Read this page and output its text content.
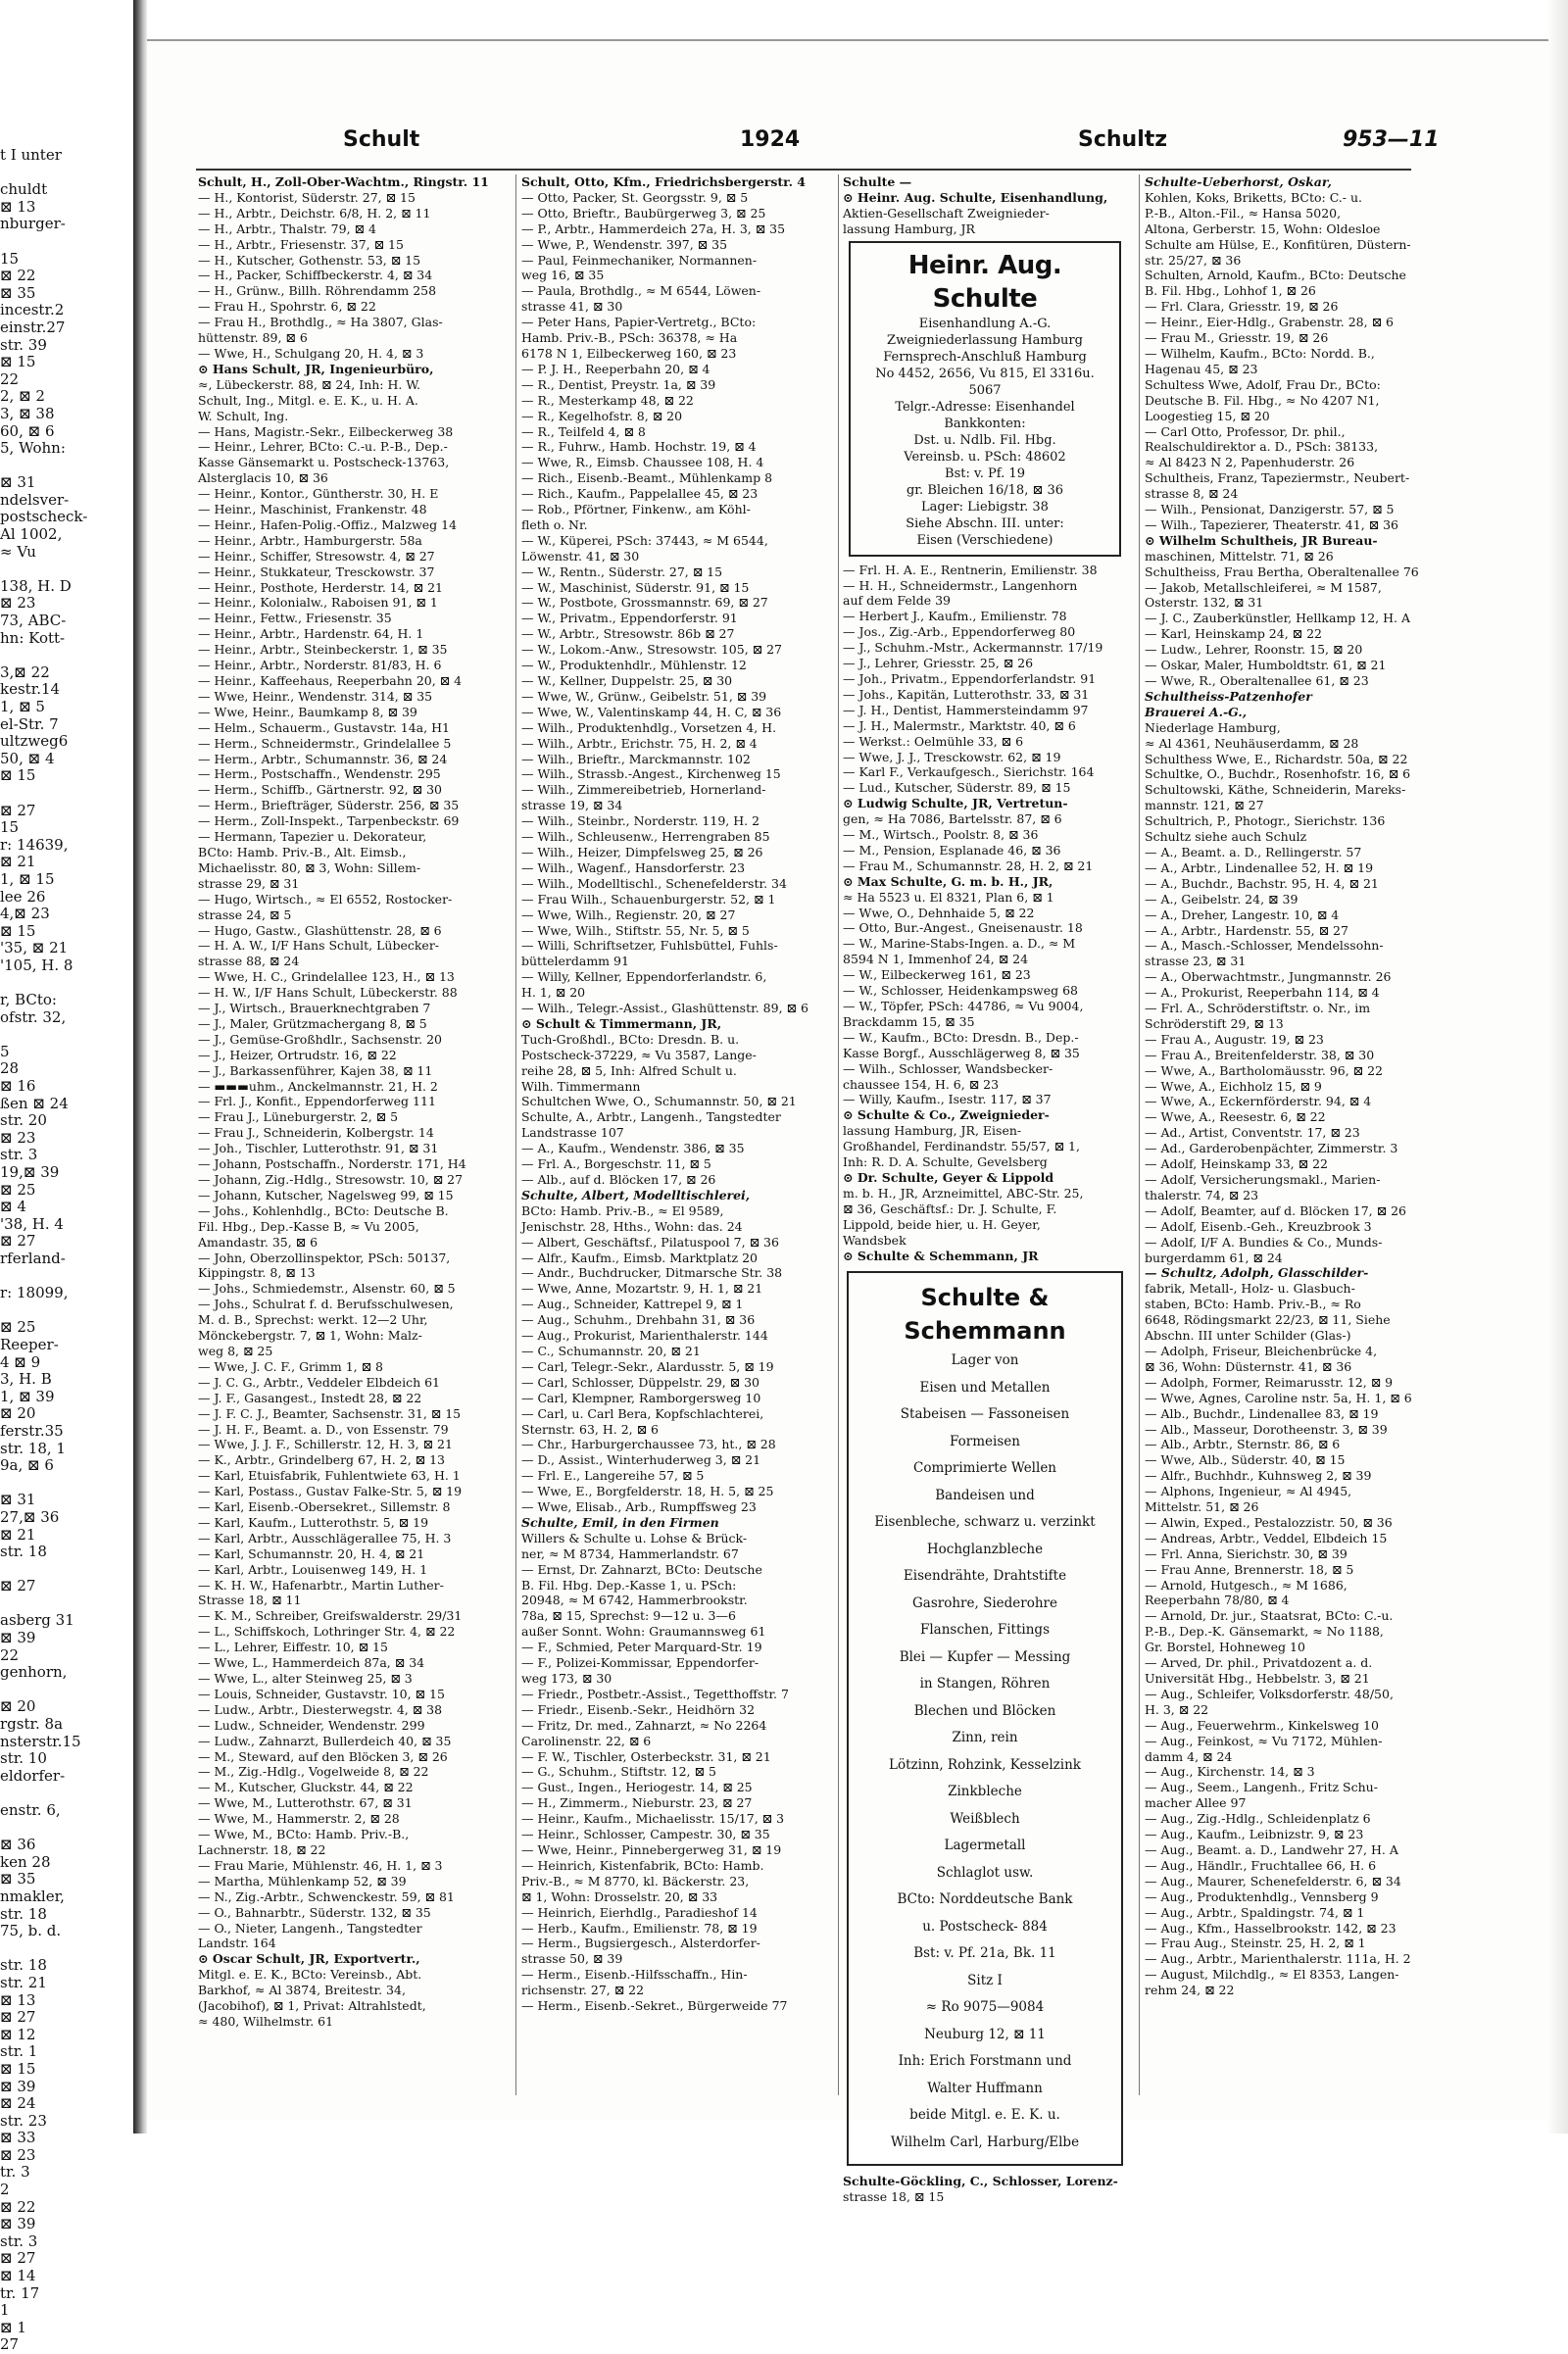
t I unter
chuldt
⊠ 13
nburger-
15
⊠ 22
⊠ 35
incestr.2
einstr.27
str. 39
⊠ 15
22
2, ⊠ 2
3, ⊠ 38
60, ⊠ 6
5, Wohn:
⊠ 31
ndelsver-
postscheck-
Al 1002,
≈ Vu
138, H. D
⊠ 23
73, ABC-
hn: Kott-
3,⊠ 22
kestr.14
1, ⊠ 5
el-Str. 7
ultzweg6
50, ⊠ 4
⊠ 15
⊠ 27
15
r: 14639,
⊠ 21
1, ⊠ 15
lee 26
4,⊠ 23
⊠ 15
'35, ⊠ 21
'105, H. 8
r, BCto:
ofstr. 32,
5
28
⊠ 16
ßen ⊠ 24
str. 20
⊠ 23
str. 3
19,⊠ 39
⊠ 25
⊠ 4
'38, H. 4
⊠ 27
rferland-
r: 18099,
⊠ 25
Reeper-
4 ⊠ 9
3, H. B
1, ⊠ 39
⊠ 20
ferstr.35
str. 18, 1
9a, ⊠ 6
⊠ 31
27,⊠ 36
⊠ 21
str. 18
⊠ 27
asberg 31
⊠ 39
22
genhorn,
⊠ 20
rgstr. 8a
nsterstr.15
str. 10
eldorfer-
enstr. 6,
⊠ 36
ken 28
⊠ 35
nmakler,
str. 18
75, b. d.
str. 18
str. 21
⊠ 13
⊠ 27
⊠ 12
str. 1
⊠ 15
⊠ 39
⊠ 24
str. 23
⊠ 33
⊠ 23
tr. 3
2
⊠ 22
⊠ 39
str. 3
⊠ 27
⊠ 14
tr. 17
1
⊠ 1
27
Schult	1924	Schultz	953—11
Schult, H., Zoll-Ober-Wachtm., Ringstr. 11
— H., Kontorist, Süderstr. 27, ⊠ 15
— H., Arbtr., Deichstr. 6/8, H. 2, ⊠ 11
— H., Arbtr., Thalstr. 79, ⊠ 4
— H., Arbtr., Friesenstr. 37, ⊠ 15
— H., Kutscher, Gothenstr. 53, ⊠ 15
— H., Packer, Schiffbeckerstr. 4, ⊠ 34
— H., Grünw., Billh. Röhrendamm 258
— Frau H., Spohrstr. 6, ⊠ 22
— Frau H., Brothdlg., ≈ Ha 3807, Glas-
hüttenstr. 89, ⊠ 6
— Wwe, H., Schulgang 20, H. 4, ⊠ 3
⊙ Hans Schult, JR, Ingenieurbüro,
≈, Lübeckerstr. 88, ⊠ 24, Inh: H. W.
Schult, Ing., Mitgl. e. E. K., u. H. A.
W. Schult, Ing.
— Hans, Magistr.-Sekr., Eilbeckerweg 38
— Heinr., Lehrer, BCto: C.-u. P.-B., Dep.-
Kasse Gänsemarkt u. Postscheck-13763,
Alsterglacis 10, ⊠ 36
— Heinr., Kontor., Güntherstr. 30, H. E
— Heinr., Maschinist, Frankenstr. 48
— Heinr., Hafen-Polig.-Offiz., Malzweg 14
— Heinr., Arbtr., Hamburgerstr. 58a
— Heinr., Schiffer, Stresowstr. 4, ⊠ 27
— Heinr., Stukkateur, Tresckowstr. 37
— Heinr., Posthote, Herderstr. 14, ⊠ 21
— Heinr., Kolonialw., Raboisen 91, ⊠ 1
— Heinr., Fettw., Friesenstr. 35
— Heinr., Arbtr., Hardenstr. 64, H. 1
— Heinr., Arbtr., Steinbeckerstr. 1, ⊠ 35
— Heinr., Arbtr., Norderstr. 81/83, H. 6
— Heinr., Kaffeehaus, Reeperbahn 20, ⊠ 4
— Wwe, Heinr., Wendenstr. 314, ⊠ 35
— Wwe, Heinr., Baumkamp 8, ⊠ 39
— Helm., Schauerm., Gustavstr. 14a, H1
— Herm., Schneidermstr., Grindelallee 5
— Herm., Arbtr., Schumannstr. 36, ⊠ 24
— Herm., Postschaffn., Wendenstr. 295
— Herm., Schiffb., Gärtnerstr. 92, ⊠ 30
— Herm., Briefträger, Süderstr. 256, ⊠ 35
— Herm., Zoll-Inspekt., Tarpenbeckstr. 69
— Hermann, Tapezier u. Dekorateur,
BCto: Hamb. Priv.-B., Alt. Eimsb.,
Michaelisstr. 80, ⊠ 3, Wohn: Sillem-
strasse 29, ⊠ 31
— Hugo, Wirtsch., ≈ El 6552, Rostocker-
strasse 24, ⊠ 5
— Hugo, Gastw., Glashüttenstr. 28, ⊠ 6
— H. A. W., I/F Hans Schult, Lübecker-
strasse 88, ⊠ 24
— Wwe, H. C., Grindelallee 123, H., ⊠ 13
— H. W., I/F Hans Schult, Lübeckerstr. 88
— J., Wirtsch., Brauerknechtgraben 7
— J., Maler, Grützmachergang 8, ⊠ 5
— J., Gemüse-Großhdlr., Sachsenstr. 20
— J., Heizer, Ortrudstr. 16, ⊠ 22
— J., Barkassenführer, Kajen 38, ⊠ 11
— ▬▬▬uhm., Anckelmannstr. 21, H. 2
— Frl. J., Konfit., Eppendorferweg 111
— Frau J., Lüneburgerstr. 2, ⊠ 5
— Frau J., Schneiderin, Kolbergstr. 14
— Joh., Tischler, Lutterothstr. 91, ⊠ 31
— Johann, Postschaffn., Norderstr. 171, H4
— Johann, Zig.-Hdlg., Stresowstr. 10, ⊠ 27
— Johann, Kutscher, Nagelsweg 99, ⊠ 15
— Johs., Kohlenhdlg., BCto: Deutsche B.
Fil. Hbg., Dep.-Kasse B, ≈ Vu 2005,
Amandastr. 35, ⊠ 6
— John, Oberzollinspektor, PSch: 50137,
Kippingstr. 8, ⊠ 13
— Johs., Schmiedemstr., Alsenstr. 60, ⊠ 5
— Johs., Schulrat f. d. Berufsschulwesen,
M. d. B., Sprechst: werkt. 12—2 Uhr,
Mönckebergstr. 7, ⊠ 1, Wohn: Malz-
weg 8, ⊠ 25
— Wwe, J. C. F., Grimm 1, ⊠ 8
— J. C. G., Arbtr., Veddeler Elbdeich 61
— J. F., Gasangest., Instedt 28, ⊠ 22
— J. F. C. J., Beamter, Sachsenstr. 31, ⊠ 15
— J. H. F., Beamt. a. D., von Essenstr. 79
— Wwe, J. J. F., Schillerstr. 12, H. 3, ⊠ 21
— K., Arbtr., Grindelberg 67, H. 2, ⊠ 13
— Karl, Etuisfabrik, Fuhlentwiete 63, H. 1
— Karl, Postass., Gustav Falke-Str. 5, ⊠ 19
— Karl, Eisenb.-Obersekret., Sillemstr. 8
— Karl, Kaufm., Lutterothstr. 5, ⊠ 19
— Karl, Arbtr., Ausschlägerallee 75, H. 3
— Karl, Schumannstr. 20, H. 4, ⊠ 21
— Karl, Arbtr., Louisenweg 149, H. 1
— K. H. W., Hafenarbtr., Martin Luther-
Strasse 18, ⊠ 11
— K. M., Schreiber, Greifswalderstr. 29/31
— L., Schiffskoch, Lothringer Str. 4, ⊠ 22
— L., Lehrer, Eiffestr. 10, ⊠ 15
— Wwe, L., Hammerdeich 87a, ⊠ 34
— Wwe, L., alter Steinweg 25, ⊠ 3
— Louis, Schneider, Gustavstr. 10, ⊠ 15
— Ludw., Arbtr., Diesterwegstr. 4, ⊠ 38
— Ludw., Schneider, Wendenstr. 299
— Ludw., Zahnarzt, Bullerdeich 40, ⊠ 35
— M., Steward, auf den Blöcken 3, ⊠ 26
— M., Zig.-Hdlg., Vogelweide 8, ⊠ 22
— M., Kutscher, Gluckstr. 44, ⊠ 22
— Wwe, M., Lutterothstr. 67, ⊠ 31
— Wwe, M., Hammerstr. 2, ⊠ 28
— Wwe, M., BCto: Hamb. Priv.-B.,
Lachnerstr. 18, ⊠ 22
— Frau Marie, Mühlenstr. 46, H. 1, ⊠ 3
— Martha, Mühlenkamp 52, ⊠ 39
— N., Zig.-Arbtr., Schwenckestr. 59, ⊠ 81
— O., Bahnarbtr., Süderstr. 132, ⊠ 35
— O., Nieter, Langenh., Tangstedter
Landstr. 164
⊙ Oscar Schult, JR, Exportvertr.,
Mitgl. e. E. K., BCto: Vereinsb., Abt.
Barkhof, ≈ Al 3874, Breitestr. 34,
(Jacobihof), ⊠ 1, Privat: Altrahlstedt,
≈ 480, Wilhelmstr. 61
Schult, Otto, Kfm., Friedrichsbergerstr. 4
— Otto, Packer, St. Georgsstr. 9, ⊠ 5
— Otto, Brieftr., Baubürgerweg 3, ⊠ 25
— P., Arbtr., Hammerdeich 27a, H. 3, ⊠ 35
— Wwe, P., Wendenstr. 397, ⊠ 35
— Paul, Feinmechaniker, Normannen-
weg 16, ⊠ 35
— Paula, Brothdlg., ≈ M 6544, Löwen-
strasse 41, ⊠ 30
— Peter Hans, Papier-Vertretg., BCto:
Hamb. Priv.-B., PSch: 36378, ≈ Ha
6178 N 1, Eilbeckerweg 160, ⊠ 23
— P. J. H., Reeperbahn 20, ⊠ 4
— R., Dentist, Preystr. 1a, ⊠ 39
— R., Mesterkamp 48, ⊠ 22
— R., Kegelhofstr. 8, ⊠ 20
— R., Teilfeld 4, ⊠ 8
— R., Fuhrw., Hamb. Hochstr. 19, ⊠ 4
— Wwe, R., Eimsb. Chaussee 108, H. 4
— Rich., Eisenb.-Beamt., Mühlenkamp 8
— Rich., Kaufm., Pappelallee 45, ⊠ 23
— Rob., Pförtner, Finkenw., am Köhl-
fleth o. Nr.
— W., Küperei, PSch: 37443, ≈ M 6544,
Löwenstr. 41, ⊠ 30
— W., Rentn., Süderstr. 27, ⊠ 15
— W., Maschinist, Süderstr. 91, ⊠ 15
— W., Postbote, Grossmannstr. 69, ⊠ 27
— W., Privatm., Eppendorferstr. 91
— W., Arbtr., Stresowstr. 86b ⊠ 27
— W., Lokom.-Anw., Stresowstr. 105, ⊠ 27
— W., Produktenhdlr., Mühlenstr. 12
— W., Kellner, Duppelstr. 25, ⊠ 30
— Wwe, W., Grünw., Geibelstr. 51, ⊠ 39
— Wwe, W., Valentinskamp 44, H. C, ⊠ 36
— Wilh., Produktenhdlg., Vorsetzen 4, H.
— Wilh., Arbtr., Erichstr. 75, H. 2, ⊠ 4
— Wilh., Brieftr., Marckmannstr. 102
— Wilh., Strassb.-Angest., Kirchenweg 15
— Wilh., Zimmereibetrieb, Hornerland-
strasse 19, ⊠ 34
— Wilh., Steinbr., Norderstr. 119, H. 2
— Wilh., Schleusenw., Herrengraben 85
— Wilh., Heizer, Dimpfelsweg 25, ⊠ 26
— Wilh., Wagenf., Hansdorferstr. 23
— Wilh., Modelltischl., Schenefelderstr. 34
— Frau Wilh., Schauenburgerstr. 52, ⊠ 1
— Wwe, Wilh., Regienstr. 20, ⊠ 27
— Wwe, Wilh., Stiftstr. 55, Nr. 5, ⊠ 5
— Willi, Schriftsetzer, Fuhlsbüttel, Fuhls-
büttelerdamm 91
— Willy, Kellner, Eppendorferlandstr. 6,
H. 1, ⊠ 20
— Wilh., Telegr.-Assist., Glashüttenstr. 89, ⊠ 6
⊙ Schult & Timmermann, JR,
Tuch-Großhdl., BCto: Dresdn. B. u.
Postscheck-37229, ≈ Vu 3587, Lange-
reihe 28, ⊠ 5, Inh: Alfred Schult u.
Wilh. Timmermann
Schultchen Wwe, O., Schumannstr. 50, ⊠ 21
Schulte, A., Arbtr., Langenh., Tangstedter
Landstrasse 107
— A., Kaufm., Wendenstr. 386, ⊠ 35
— Frl. A., Borgeschstr. 11, ⊠ 5
— Alb., auf d. Blöcken 17, ⊠ 26
Schulte, Albert, Modelltischlerei,
BCto: Hamb. Priv.-B., ≈ El 9589,
Jenischstr. 28, Hths., Wohn: das. 24
— Albert, Geschäftsf., Pilatuspool 7, ⊠ 36
— Alfr., Kaufm., Eimsb. Marktplatz 20
— Andr., Buchdrucker, Ditmarsche Str. 38
— Wwe, Anne, Mozartstr. 9, H. 1, ⊠ 21
— Aug., Schneider, Kattrepel 9, ⊠ 1
— Aug., Schuhm., Drehbahn 31, ⊠ 36
— Aug., Prokurist, Marienthalerstr. 144
— C., Schumannstr. 20, ⊠ 21
— Carl, Telegr.-Sekr., Alardusstr. 5, ⊠ 19
— Carl, Schlosser, Düppelstr. 29, ⊠ 30
— Carl, Klempner, Ramborgersweg 10
— Carl, u. Carl Bera, Kopfschlachterei,
Sternstr. 63, H. 2, ⊠ 6
— Chr., Harburgerchaussee 73, ht., ⊠ 28
— D., Assist., Winterhuderweg 3, ⊠ 21
— Frl. E., Langereihe 57, ⊠ 5
— Wwe, E., Borgfelderstr. 18, H. 5, ⊠ 25
— Wwe, Elisab., Arb., Rumpffsweg 23
Schulte, Emil, in den Firmen
Willers & Schulte u. Lohse & Brück-
ner, ≈ M 8734, Hammerlandstr. 67
— Ernst, Dr. Zahnarzt, BCto: Deutsche
B. Fil. Hbg. Dep.-Kasse 1, u. PSch:
20948, ≈ M 6742, Hammerbrookstr.
78a, ⊠ 15, Sprechst: 9—12 u. 3—6
außer Sonnt. Wohn: Graumannsweg 61
— F., Schmied, Peter Marquard-Str. 19
— F., Polizei-Kommissar, Eppendorfer-
weg 173, ⊠ 30
— Friedr., Postbetr.-Assist., Tegetthoffstr. 7
— Friedr., Eisenb.-Sekr., Heidhörn 32
— Fritz, Dr. med., Zahnarzt, ≈ No 2264
Carolinenstr. 22, ⊠ 6
— F. W., Tischler, Osterbeckstr. 31, ⊠ 21
— G., Schuhm., Stiftstr. 12, ⊠ 5
— Gust., Ingen., Heriogestr. 14, ⊠ 25
— H., Zimmerm., Nieburstr. 23, ⊠ 27
— Heinr., Kaufm., Michaelisstr. 15/17, ⊠ 3
— Heinr., Schlosser, Campestr. 30, ⊠ 35
— Wwe, Heinr., Pinnebergerweg 31, ⊠ 19
— Heinrich, Kistenfabrik, BCto: Hamb.
Priv.-B., ≈ M 8770, kl. Bäckerstr. 23,
⊠ 1, Wohn: Drosselstr. 20, ⊠ 33
— Heinrich, Eierhdlg., Paradieshof 14
— Herb., Kaufm., Emilienstr. 78, ⊠ 19
— Herm., Bugsiergesch., Alsterdorfer-
strasse 50, ⊠ 39
— Herm., Eisenb.-Hilfsschaffn., Hin-
richsenstr. 27, ⊠ 22
— Herm., Eisenb.-Sekret., Bürgerweide 77
Schulte —
⊙ Heinr. Aug. Schulte, Eisenhandlung,
Aktien-Gesellschaft Zweignieder-
lassung Hamburg, JR
Heinr. Aug. Schulte
Eisenhandlung A.-G.
Zweigniederlassung Hamburg
Fernsprech-Anschluß Hamburg
No 4452, 2656, Vu 815, El 3316u. 5067
Telgr.-Adresse: Eisenhandel
Bankkonten:
Dst. u. Ndlb. Fil. Hbg.
Vereinsb. u. PSch: 48602
Bst: v. Pf. 19
gr. Bleichen 16/18, ⊠ 36
Lager: Liebigstr. 38
Siehe Abschn. III. unter:
Eisen (Verschiedene)
— Frl. H. A. E., Rentnerin, Emilienstr. 38
— H. H., Schneidermstr., Langenhorn
auf dem Felde 39
— Herbert J., Kaufm., Emilienstr. 78
— Jos., Zig.-Arb., Eppendorferweg 80
— J., Schuhm.-Mstr., Ackermannstr. 17/19
— J., Lehrer, Griesstr. 25, ⊠ 26
— Joh., Privatm., Eppendorferlandstr. 91
— Johs., Kapitän, Lutterothstr. 33, ⊠ 31
— J. H., Dentist, Hammersteindamm 97
— J. H., Malermstr., Marktstr. 40, ⊠ 6
— Werkst.: Oelmühle 33, ⊠ 6
— Wwe, J. J., Tresckowstr. 62, ⊠ 19
— Karl F., Verkaufgesch., Sierichstr. 164
— Lud., Kutscher, Süderstr. 89, ⊠ 15
⊙ Ludwig Schulte, JR, Vertretun-
gen, ≈ Ha 7086, Bartelsstr. 87, ⊠ 6
— M., Wirtsch., Poolstr. 8, ⊠ 36
— M., Pension, Esplanade 46, ⊠ 36
— Frau M., Schumannstr. 28, H. 2, ⊠ 21
⊙ Max Schulte, G. m. b. H., JR,
≈ Ha 5523 u. El 8321, Plan 6, ⊠ 1
— Wwe, O., Dehnhaide 5, ⊠ 22
— Otto, Bur.-Angest., Gneisenaustr. 18
— W., Marine-Stabs-Ingen. a. D., ≈ M
8594 N 1, Immenhof 24, ⊠ 24
— W., Eilbeckerweg 161, ⊠ 23
— W., Schlosser, Heidenkampsweg 68
— W., Töpfer, PSch: 44786, ≈ Vu 9004,
Brackdamm 15, ⊠ 35
— W., Kaufm., BCto: Dresdn. B., Dep.-
Kasse Borgf., Ausschlägerweg 8, ⊠ 35
— Wilh., Schlosser, Wandsbecker-
chaussee 154, H. 6, ⊠ 23
— Willy, Kaufm., Isestr. 117, ⊠ 37
⊙ Schulte & Co., Zweignieder-
lassung Hamburg, JR, Eisen-
Großhandel, Ferdinandstr. 55/57, ⊠ 1,
Inh: R. D. A. Schulte, Gevelsberg
⊙ Dr. Schulte, Geyer & Lippold
m. b. H., JR, Arzneimittel, ABC-Str. 25,
⊠ 36, Geschäftsf.: Dr. J. Schulte, F.
Lippold, beide hier, u. H. Geyer,
Wandsbek
⊙ Schulte & Schemmann, JR
Schulte & Schemmann
Lager von
Eisen und Metallen
Stabeisen — Fassoneisen
Formeisen
Comprimierte Wellen
Bandeisen und
Eisenbleche, schwarz u. verzinkt
Hochglanzbleche
Eisendrähte, Drahtstifte
Gasrohre, Siederohre
Flanschen, Fittings
Blei — Kupfer — Messing
in Stangen, Röhren
Blechen und Blöcken
Zinn, rein
Lötzinn, Rohzink, Kesselzink
Zinkbleche
Weißblech
Lagermetall
Schlaglot usw.
BCto: Norddeutsche Bank
u. Postscheck- 884
Bst: v. Pf. 21a, Bk. 11
Sitz I
≈ Ro 9075—9084
Neuburg 12, ⊠ 11
Inh: Erich Forstmann und
Walter Huffmann
beide Mitgl. e. E. K. u.
Wilhelm Carl, Harburg/Elbe
Schulte-Göckling, C., Schlosser, Lorenz-
strasse 18, ⊠ 15
Schulte-Ueberhorst, Oskar,
Kohlen, Koks, Briketts, BCto: C.- u.
P.-B., Alton.-Fil., ≈ Hansa 5020,
Altona, Gerberstr. 15, Wohn: Oldesloe
Schulte am Hülse, E., Konfitüren, Düstern-
str. 25/27, ⊠ 36
Schulten, Arnold, Kaufm., BCto: Deutsche
B. Fil. Hbg., Lohhof 1, ⊠ 26
— Frl. Clara, Griesstr. 19, ⊠ 26
— Heinr., Eier-Hdlg., Grabenstr. 28, ⊠ 6
— Frau M., Griesstr. 19, ⊠ 26
— Wilhelm, Kaufm., BCto: Nordd. B.,
Hagenau 45, ⊠ 23
Schultess Wwe, Adolf, Frau Dr., BCto:
Deutsche B. Fil. Hbg., ≈ No 4207 N1,
Loogestieg 15, ⊠ 20
— Carl Otto, Professor, Dr. phil.,
Realschuldirektor a. D., PSch: 38133,
≈ Al 8423 N 2, Papenhuderstr. 26
Schultheis, Franz, Tapeziermstr., Neubert-
strasse 8, ⊠ 24
— Wilh., Pensionat, Danzigerstr. 57, ⊠ 5
— Wilh., Tapezierer, Theaterstr. 41, ⊠ 36
⊙ Wilhelm Schultheis, JR Bureau-
maschinen, Mittelstr. 71, ⊠ 26
Schultheiss, Frau Bertha, Oberaltenallee 76
— Jakob, Metallschleiferei, ≈ M 1587,
Osterstr. 132, ⊠ 31
— J. C., Zauberkünstler, Hellkamp 12, H. A
— Karl, Heinskamp 24, ⊠ 22
— Ludw., Lehrer, Roonstr. 15, ⊠ 20
— Oskar, Maler, Humboldtstr. 61, ⊠ 21
— Wwe, R., Oberaltenallee 61, ⊠ 23
Schultheiss-Patzenhofer
Brauerei A.-G.,
Niederlage Hamburg,
≈ Al 4361, Neuhäuserdamm, ⊠ 28
Schulthess Wwe, E., Richardstr. 50a, ⊠ 22
Schultke, O., Buchdr., Rosenhofstr. 16, ⊠ 6
Schultowski, Käthe, Schneiderin, Mareks-
mannstr. 121, ⊠ 27
Schultrich, P., Photogr., Sierichstr. 136
Schultz siehe auch Schulz
— A., Beamt. a. D., Rellingerstr. 57
— A., Arbtr., Lindenallee 52, H. ⊠ 19
— A., Buchdr., Bachstr. 95, H. 4, ⊠ 21
— A., Geibelstr. 24, ⊠ 39
— A., Dreher, Langestr. 10, ⊠ 4
— A., Arbtr., Hardenstr. 55, ⊠ 27
— A., Masch.-Schlosser, Mendelssohn-
strasse 23, ⊠ 31
— A., Oberwachtmstr., Jungmannstr. 26
— A., Prokurist, Reeperbahn 114, ⊠ 4
— Frl. A., Schröderstiftstr. o. Nr., im
Schröderstift 29, ⊠ 13
— Frau A., Augustr. 19, ⊠ 23
— Frau A., Breitenfelderstr. 38, ⊠ 30
— Wwe, A., Bartholomäusstr. 96, ⊠ 22
— Wwe, A., Eichholz 15, ⊠ 9
— Wwe, A., Eckernförderstr. 94, ⊠ 4
— Wwe, A., Reesestr. 6, ⊠ 22
— Ad., Artist, Conventstr. 17, ⊠ 23
— Ad., Garderobenpächter, Zimmerstr. 3
— Adolf, Heinskamp 33, ⊠ 22
— Adolf, Versicherungsmakl., Marien-
thalerstr. 74, ⊠ 23
— Adolf, Beamter, auf d. Blöcken 17, ⊠ 26
— Adolf, Eisenb.-Geh., Kreuzbrook 3
— Adolf, I/F A. Bundies & Co., Munds-
burgerdamm 61, ⊠ 24
— Schultz, Adolph, Glasschilder-
fabrik, Metall-, Holz- u. Glasbuch-
staben, BCto: Hamb. Priv.-B., ≈ Ro
6648, Rödingsmarkt 22/23, ⊠ 11, Siehe
Abschn. III unter Schilder (Glas-)
— Adolph, Friseur, Bleichenbrücke 4,
⊠ 36, Wohn: Düsternstr. 41, ⊠ 36
— Adolph, Former, Reimarusstr. 12, ⊠ 9
— Wwe, Agnes, Caroline nstr. 5a, H. 1, ⊠ 6
— Alb., Buchdr., Lindenallee 83, ⊠ 19
— Alb., Masseur, Dorotheenstr. 3, ⊠ 39
— Alb., Arbtr., Sternstr. 86, ⊠ 6
— Wwe, Alb., Süderstr. 40, ⊠ 15
— Alfr., Buchhdr., Kuhnsweg 2, ⊠ 39
— Alphons, Ingenieur, ≈ Al 4945,
Mittelstr. 51, ⊠ 26
— Alwin, Exped., Pestalozzistr. 50, ⊠ 36
— Andreas, Arbtr., Veddel, Elbdeich 15
— Frl. Anna, Sierichstr. 30, ⊠ 39
— Frau Anne, Brennerstr. 18, ⊠ 5
— Arnold, Hutgesch., ≈ M 1686,
Reeperbahn 78/80, ⊠ 4
— Arnold, Dr. jur., Staatsrat, BCto: C.-u.
P.-B., Dep.-K. Gänsemarkt, ≈ No 1188,
Gr. Borstel, Hohneweg 10
— Arved, Dr. phil., Privatdozent a. d.
Universität Hbg., Hebbelstr. 3, ⊠ 21
— Aug., Schleifer, Volksdorferstr. 48/50,
H. 3, ⊠ 22
— Aug., Feuerwehrm., Kinkelsweg 10
— Aug., Feinkost, ≈ Vu 7172, Mühlen-
damm 4, ⊠ 24
— Aug., Kirchenstr. 14, ⊠ 3
— Aug., Seem., Langenh., Fritz Schu-
macher Allee 97
— Aug., Zig.-Hdlg., Schleidenplatz 6
— Aug., Kaufm., Leibnizstr. 9, ⊠ 23
— Aug., Beamt. a. D., Landwehr 27, H. A
— Aug., Händlr., Fruchtallee 66, H. 6
— Aug., Maurer, Schenefelderstr. 6, ⊠ 34
— Aug., Produktenhdlg., Vennsberg 9
— Aug., Arbtr., Spaldingstr. 74, ⊠ 1
— Aug., Kfm., Hasselbrookstr. 142, ⊠ 23
— Frau Aug., Steinstr. 25, H. 2, ⊠ 1
— Aug., Arbtr., Marienthalerstr. 111a, H. 2
— August, Milchdlg., ≈ El 8353, Langen-
rehm 24, ⊠ 22
